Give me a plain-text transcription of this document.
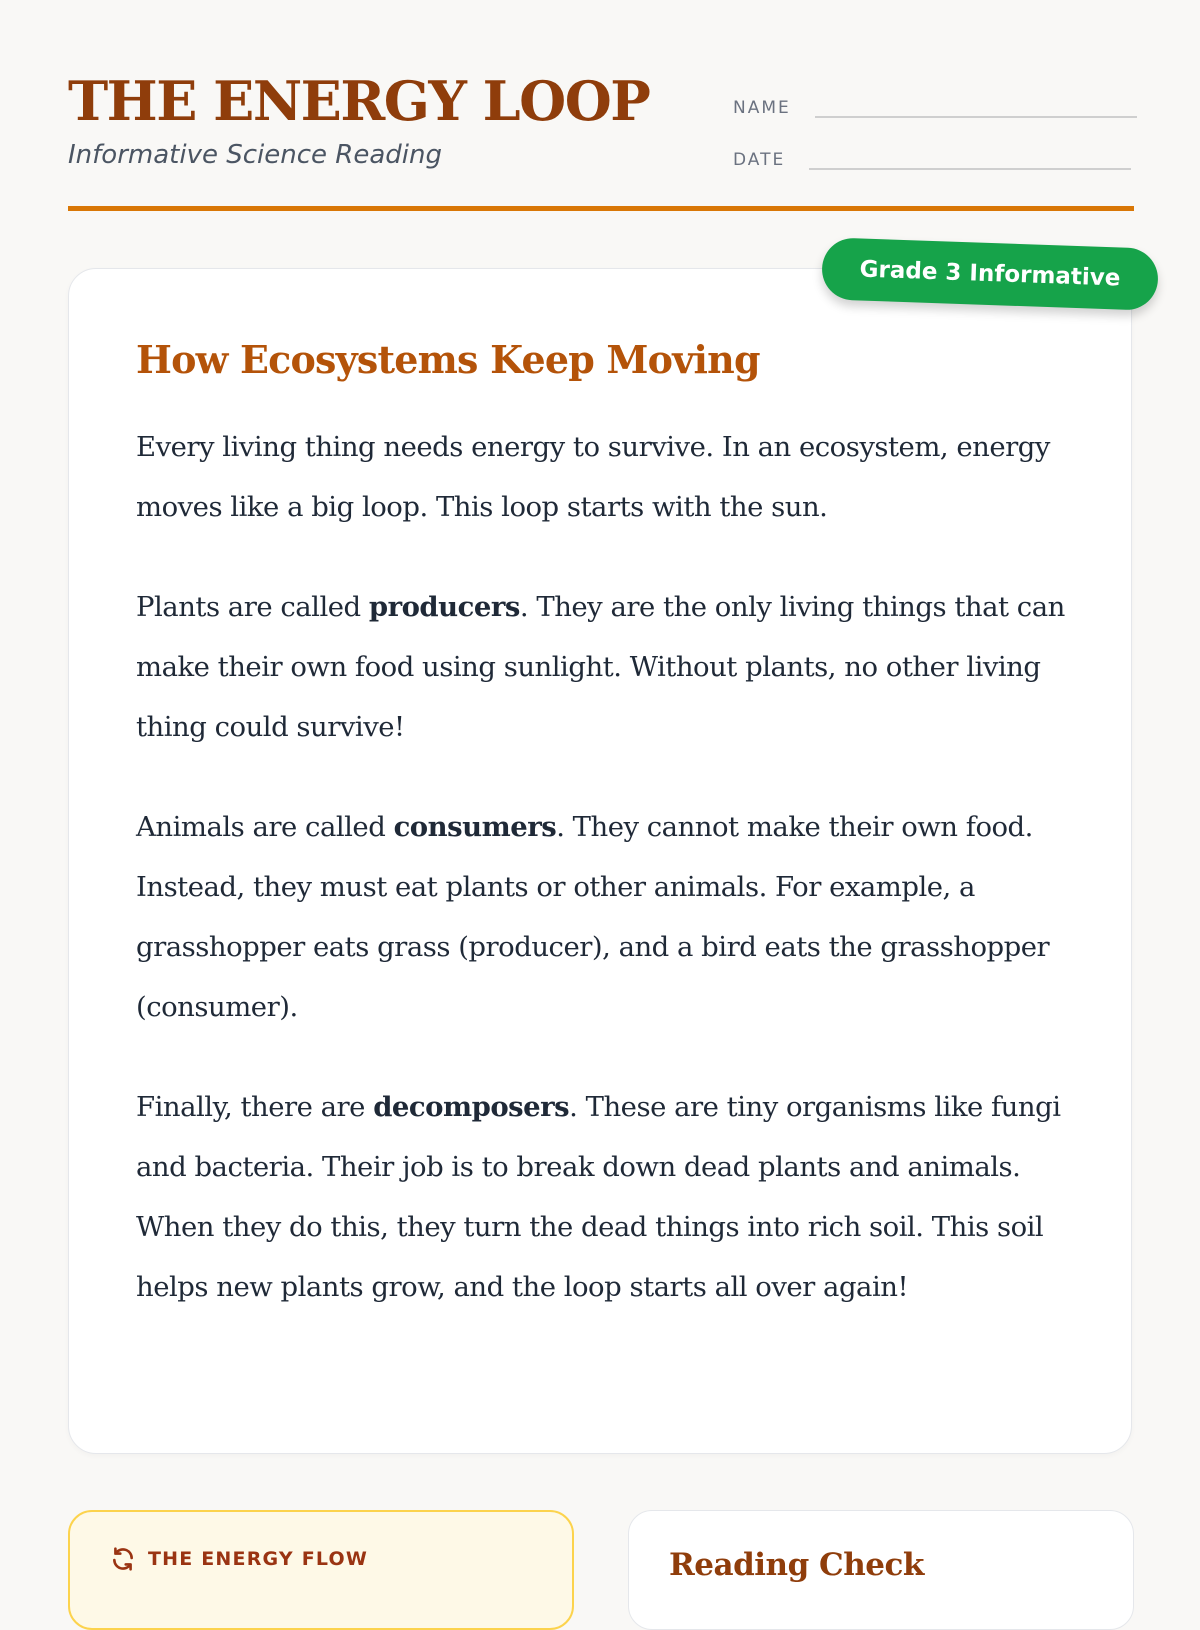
THE ENERGY LOOP
Informative Science Reading
NAME
DATE
How Ecosystems Keep Moving

Every living thing needs energy to survive. In an ecosystem, energy moves like a big loop. This loop starts with the sun.

Plants are called producers. They are the only living things that can make their own food using sunlight. Without plants, no other living thing could survive!

Animals are called consumers. They cannot make their own food. Instead, they must eat plants or other animals. For example, a grasshopper eats grass (producer), and a bird eats the grasshopper (consumer).

Finally, there are decomposers. These are tiny organisms like fungi and bacteria. Their job is to break down dead plants and animals. When they do this, they turn the dead things into rich soil. This soil helps new plants grow, and the loop starts all over again!

Grade 3 Informative
THE ENERGY FLOW	Reading Check
